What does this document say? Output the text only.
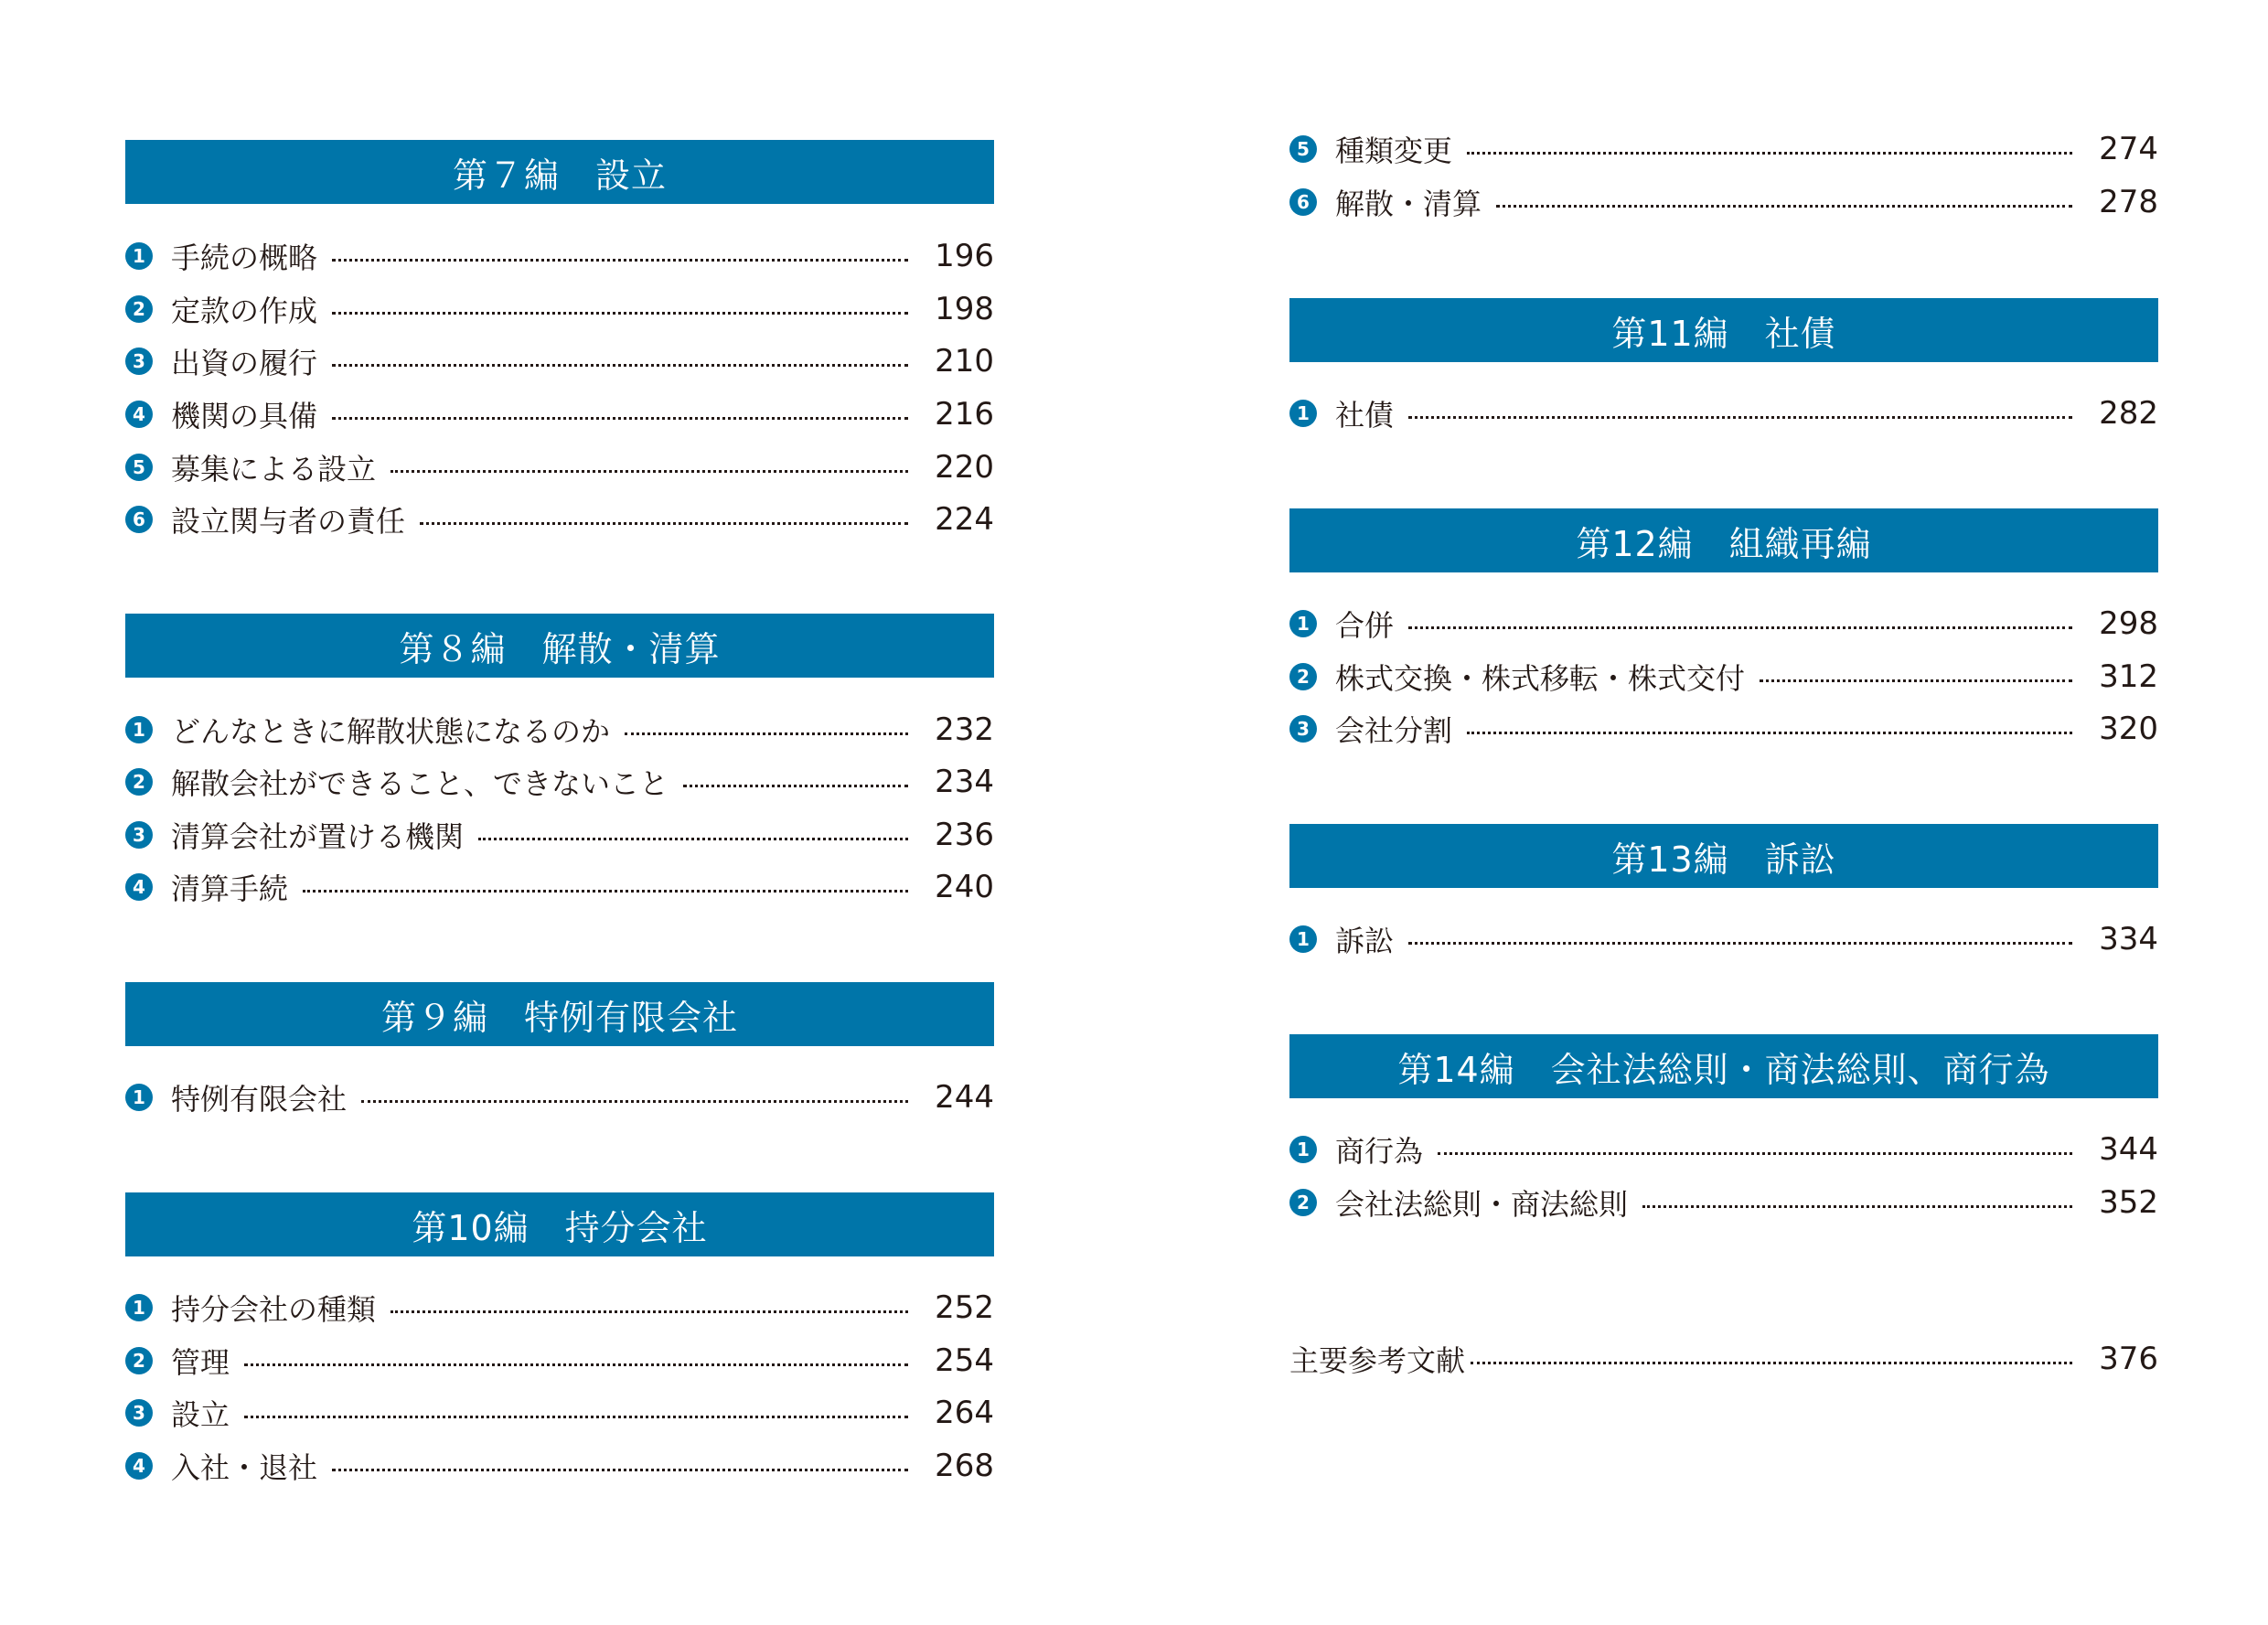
第７編　設立
1 手続の概略	196
2 定款の作成	198
3 出資の履行	210
4 機関の具備	216
5 募集による設立	220
6 設立関与者の責任	224
第８編　解散・清算
1 どんなときに解散状態になるのか	232
2 解散会社ができること、できないこと	234
3 清算会社が置ける機関	236
4 清算手続	240
第９編　特例有限会社
1 特例有限会社	244
第10編　持分会社
1 持分会社の種類	252
2 管理	254
3 設立	264
4 入社・退社	268
5 種類変更	274
6 解散・清算	278
第11編　社債
1 社債	282
第12編　組織再編
1 合併	298
2 株式交換・株式移転・株式交付	312
3 会社分割	320
第13編　訴訟
1 訴訟	334
第14編　会社法総則・商法総則、商行為
1 商行為	344
2 会社法総則・商法総則	352
主要参考文献	376
